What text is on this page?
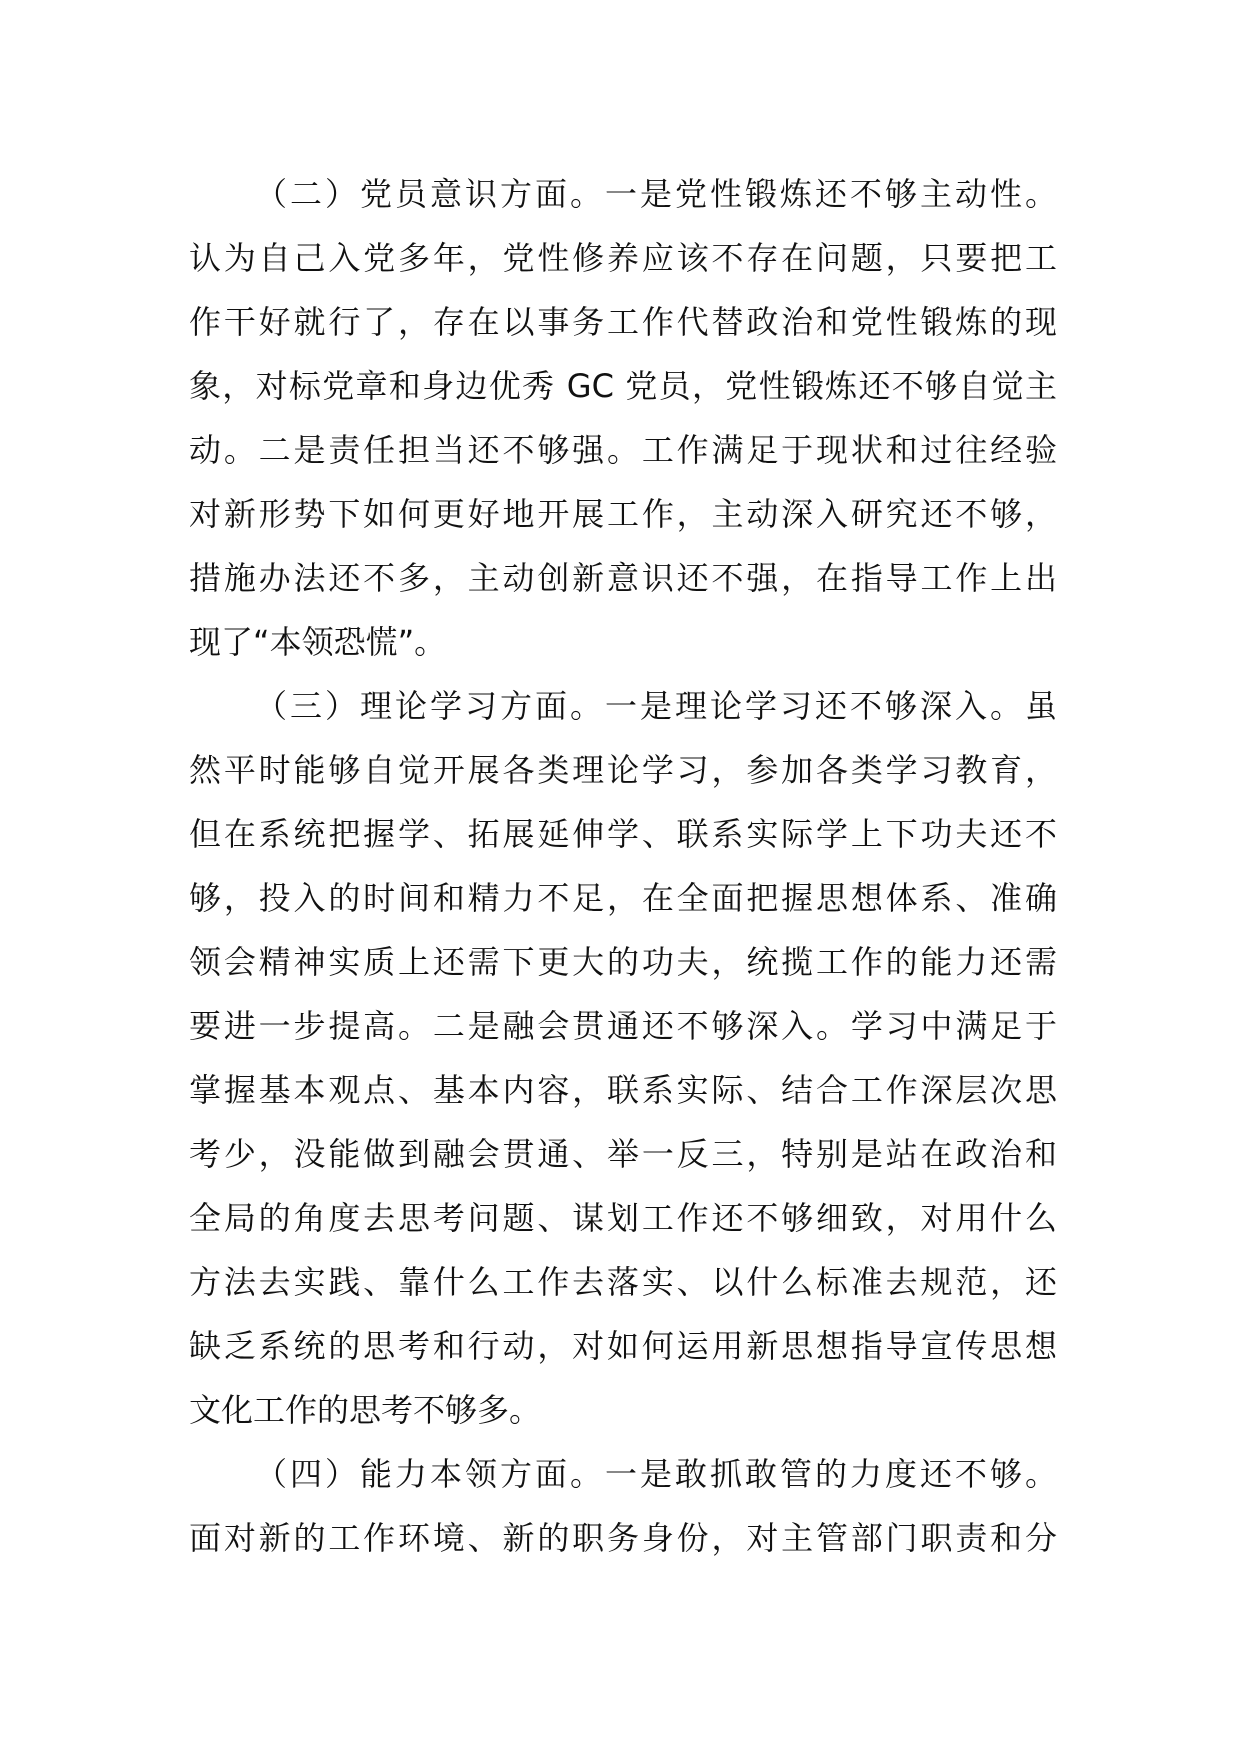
（二）党员意识方面。一是党性锻炼还不够主动性。
认为自己入党多年，党性修养应该不存在问题，只要把工
作干好就行了，存在以事务工作代替政治和党性锻炼的现
象，对标党章和身边优秀 GC 党员，党性锻炼还不够自觉主
动。二是责任担当还不够强。工作满足于现状和过往经验
对新形势下如何更好地开展工作，主动深入研究还不够，
措施办法还不多，主动创新意识还不强，在指导工作上出
现了“本领恐慌”。
（三）理论学习方面。一是理论学习还不够深入。虽
然平时能够自觉开展各类理论学习，参加各类学习教育，
但在系统把握学、拓展延伸学、联系实际学上下功夫还不
够，投入的时间和精力不足，在全面把握思想体系、准确
领会精神实质上还需下更大的功夫，统揽工作的能力还需
要进一步提高。二是融会贯通还不够深入。学习中满足于
掌握基本观点、基本内容，联系实际、结合工作深层次思
考少，没能做到融会贯通、举一反三，特别是站在政治和
全局的角度去思考问题、谋划工作还不够细致，对用什么
方法去实践、靠什么工作去落实、以什么标准去规范，还
缺乏系统的思考和行动，对如何运用新思想指导宣传思想
文化工作的思考不够多。
（四）能力本领方面。一是敢抓敢管的力度还不够。
面对新的工作环境、新的职务身份，对主管部门职责和分
